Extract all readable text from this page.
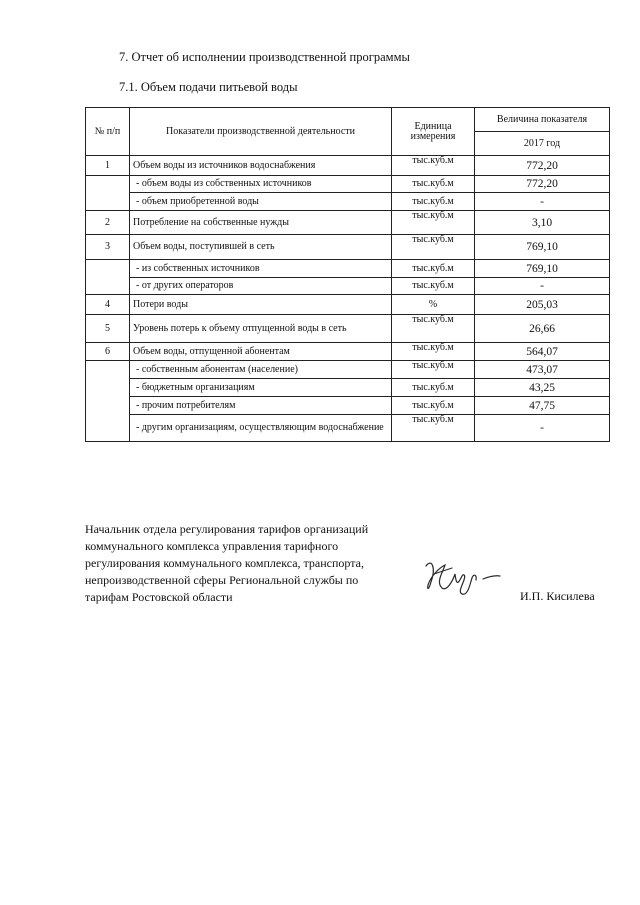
7. Отчет об исполнении производственной программы
7.1. Объем подачи питьевой воды
№ п/п	Показатели производственной деятельности	Единица измерения	Величина показателя
			2017 год
1	Объем воды из источников водоснабжения	тыс.куб.м	772,20
	- объем воды из собственных источников	тыс.куб.м	772,20
	- объем приобретенной воды	тыс.куб.м	-
2	Потребление на собственные нужды	тыс.куб.м	3,10
3	Объем воды, поступившей в сеть	тыс.куб.м	769,10
	- из собственных источников	тыс.куб.м	769,10
	- от других операторов	тыс.куб.м	-
4	Потери воды	%	205,03
5	Уровень потерь к объему отпущенной воды в сеть	тыс.куб.м	26,66
6	Объем воды, отпущенной абонентам	тыс.куб.м	564,07
	- собственным абонентам (население)	тыс.куб.м	473,07
	- бюджетным организациям	тыс.куб.м	43,25
	- прочим потребителям	тыс.куб.м	47,75
	- другим организациям, осуществляющим водоснабжение	тыс.куб.м	-
Начальник отдела регулирования тарифов организаций
коммунального комплекса управления тарифного
регулирования коммунального комплекса, транспорта,
непроизводственной сферы Региональной службы по
тарифам Ростовской области	И.П. Кисилева
